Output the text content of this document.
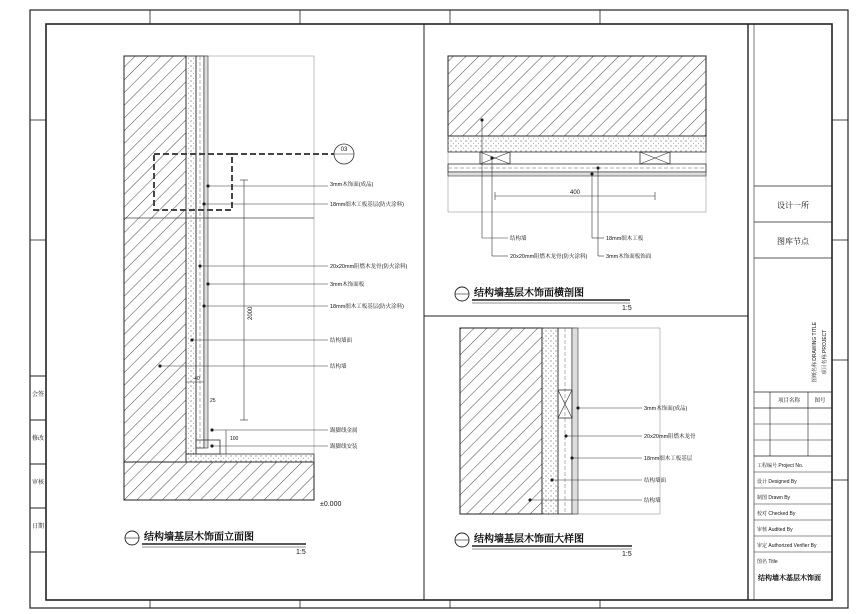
会签
修改
审核
日期
03
2000
40
25
100
3mm木饰面(成品)
18mm细木工板基层(防火涂料)
20x20mm阻燃木龙骨(防火涂料)
3mm木饰面板
18mm细木工板基层(防火涂料)
结构墙面
结构墙
踢脚线金属
踢脚线安装
±0.000
结构墙基层木饰面立面图
1:5
400
结构墙
20x20mm阻燃木龙骨(防火涂料)
18mm细木工板
3mm木饰面板饰面
结构墙基层木饰面横剖图
1:5
3mm木饰面(成品)
20x20mm阻燃木龙骨
18mm细木工板基层
结构墙面
结构墙
结构墙基层木饰面大样图
1:5
设计一所
图库节点
图纸名称 DRAWING TITLE 项目名称 PROJECT
项目名称	图号
工程编号 Project No.
设计 Designed By
制图 Drawn By
校对 Checked By
审核 Audited By
审定 Authorized Verifier By
图名 Title
结构墙木基层木饰面
